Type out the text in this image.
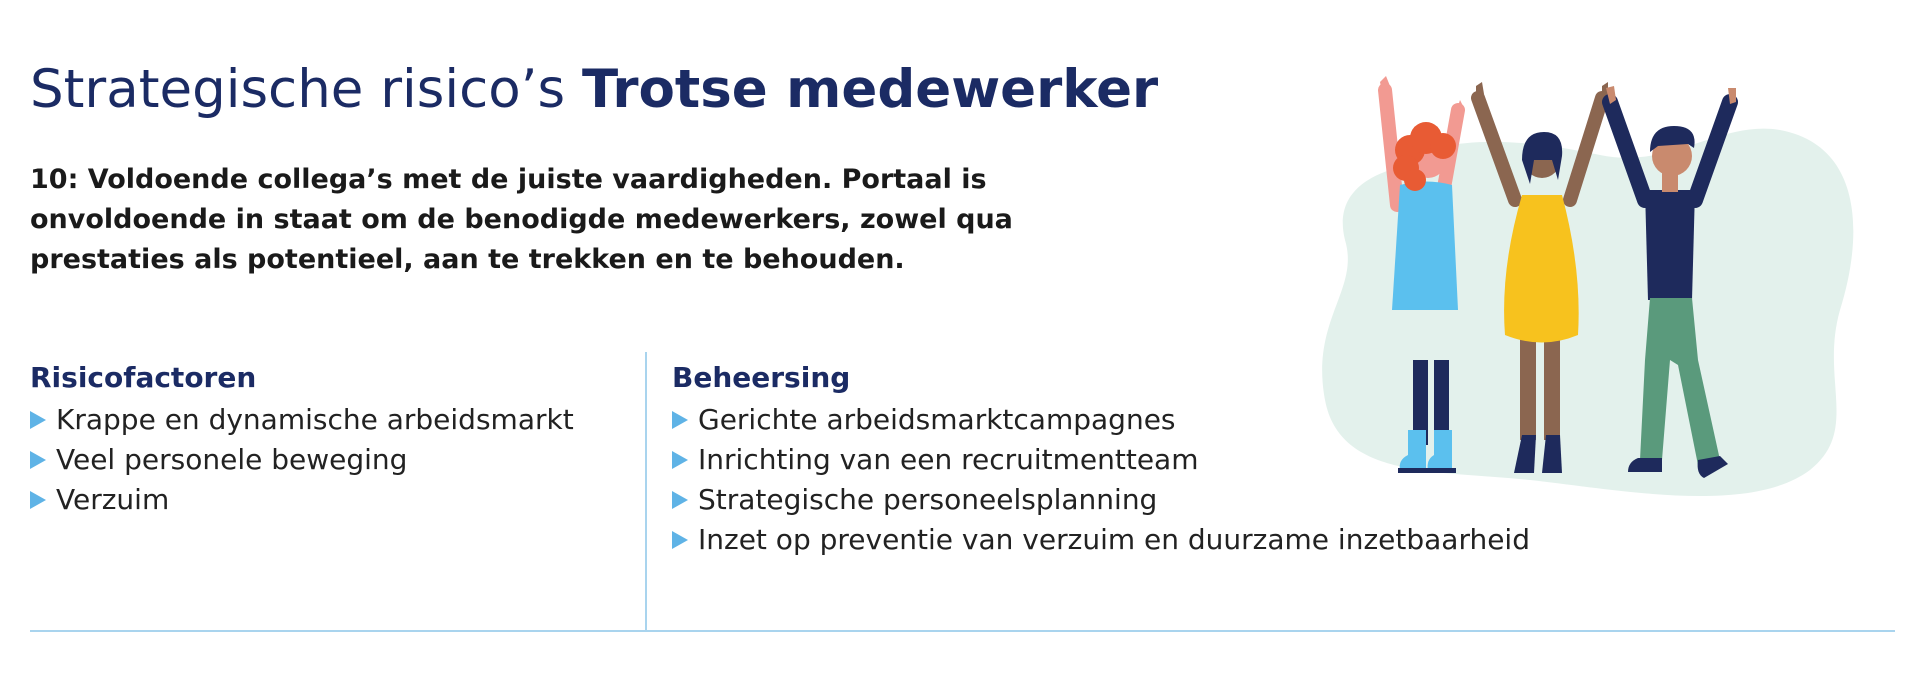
Strategische risico’s Trotse medewerker

10: Voldoende collega’s met de juiste vaardigheden. Portaal is onvoldoende in staat om de benodigde medewerkers, zowel qua prestaties als potentieel, aan te trekken en te behouden.

Risicofactoren
Krappe en dynamische arbeidsmarkt
Veel personele beweging
Verzuim
Beheersing
Gerichte arbeidsmarktcampagnes
Inrichting van een recruitmentteam
Strategische personeelsplanning
Inzet op preventie van verzuim en duurzame inzetbaarheid
